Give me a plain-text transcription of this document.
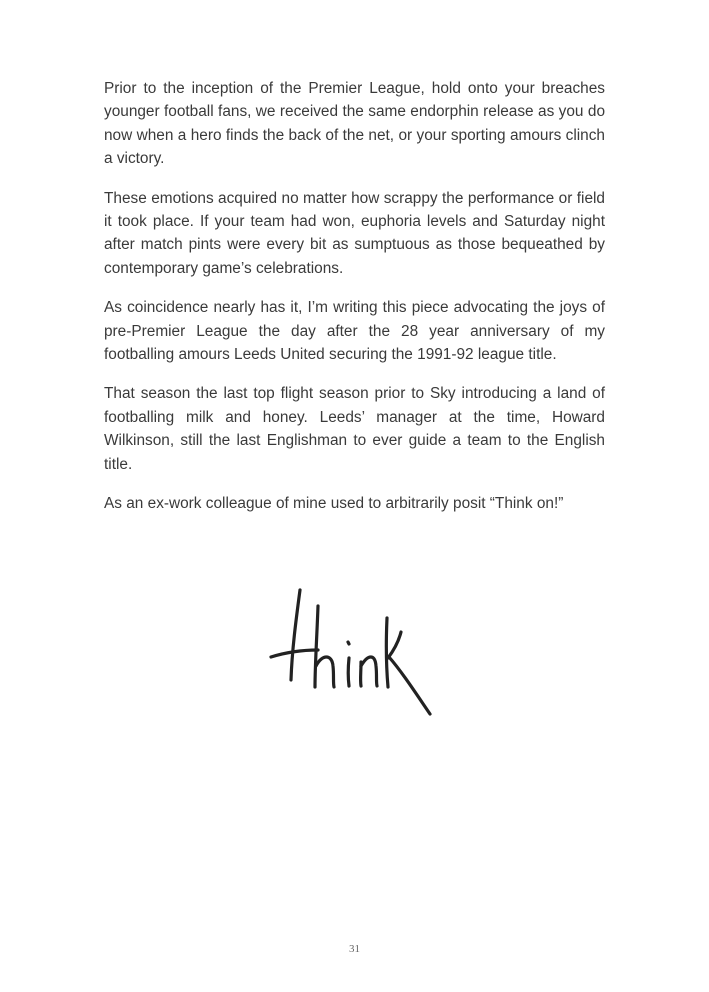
Prior to the inception of the Premier League, hold onto your breaches younger football fans, we received the same endorphin release as you do now when a hero finds the back of the net, or your sporting amours clinch a victory.

These emotions acquired no matter how scrappy the performance or field it took place. If your team had won, euphoria levels and Saturday night after match pints were every bit as sumptuous as those bequeathed by contemporary game’s celebrations.

As coincidence nearly has it, I’m writing this piece advocating the joys of pre-Premier League the day after the 28 year anniversary of my footballing amours Leeds United securing the 1991-92 league title.

That season the last top flight season prior to Sky introducing a land of footballing milk and honey. Leeds’ manager at the time, Howard Wilkinson, still the last Englishman to ever guide a team to the English title.

As an ex-work colleague of mine used to arbitrarily posit “Think on!”

31
